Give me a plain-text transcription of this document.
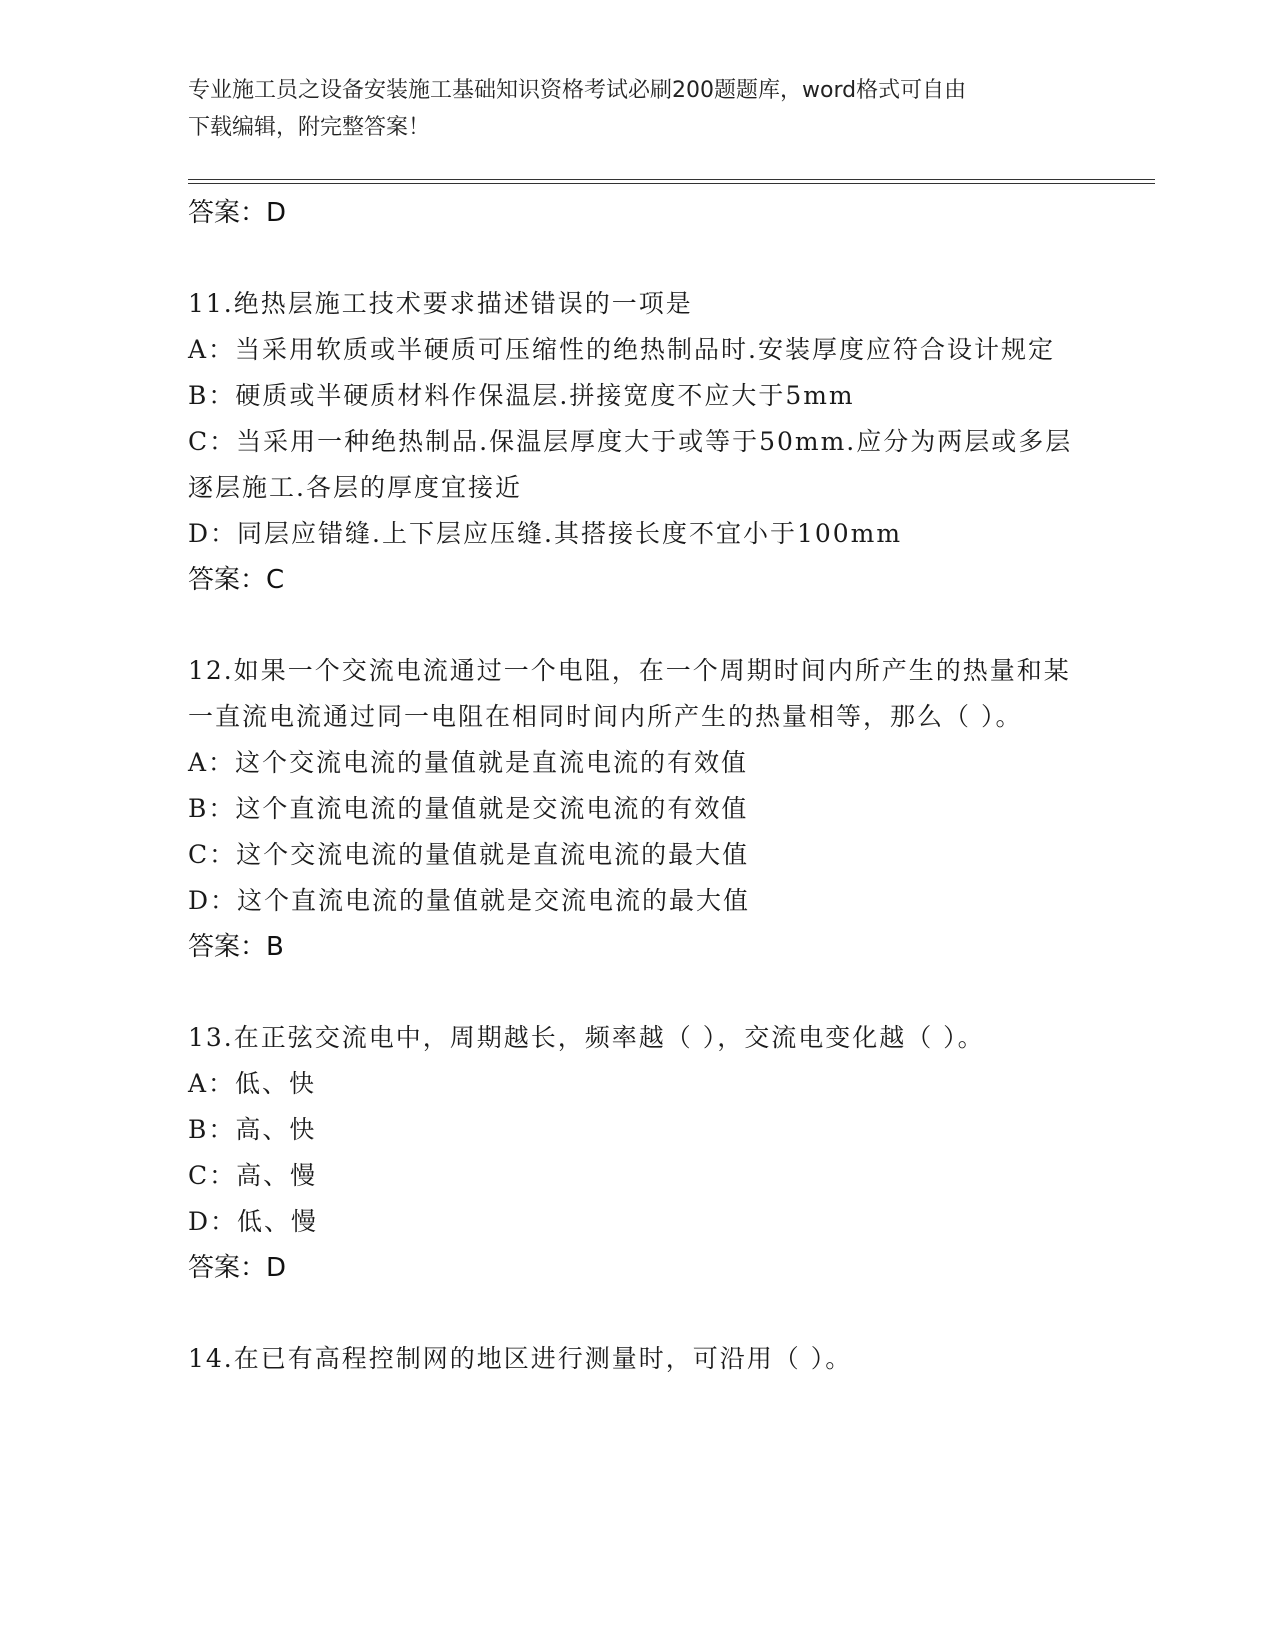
专业施工员之设备安装施工基础知识资格考试必刷200题题库，word格式可自由
下载编辑，附完整答案！

答案：D

11.绝热层施工技术要求描述错误的一项是

A：当采用软质或半硬质可压缩性的绝热制品时.安装厚度应符合设计规定

B：硬质或半硬质材料作保温层.拼接宽度不应大于5mm

C：当采用一种绝热制品.保温层厚度大于或等于50mm.应分为两层或多层逐层施工.各层的厚度宜接近

D：同层应错缝.上下层应压缝.其搭接长度不宜小于100mm

答案：C

12.如果一个交流电流通过一个电阻，在一个周期时间内所产生的热量和某一直流电流通过同一电阻在相同时间内所产生的热量相等，那么（ ）。

A：这个交流电流的量值就是直流电流的有效值

B：这个直流电流的量值就是交流电流的有效值

C：这个交流电流的量值就是直流电流的最大值

D：这个直流电流的量值就是交流电流的最大值

答案：B

13.在正弦交流电中，周期越长，频率越（ ），交流电变化越（ ）。

A：低、快

B：高、快

C：高、慢

D：低、慢

答案：D

14.在已有高程控制网的地区进行测量时，可沿用（ ）。
